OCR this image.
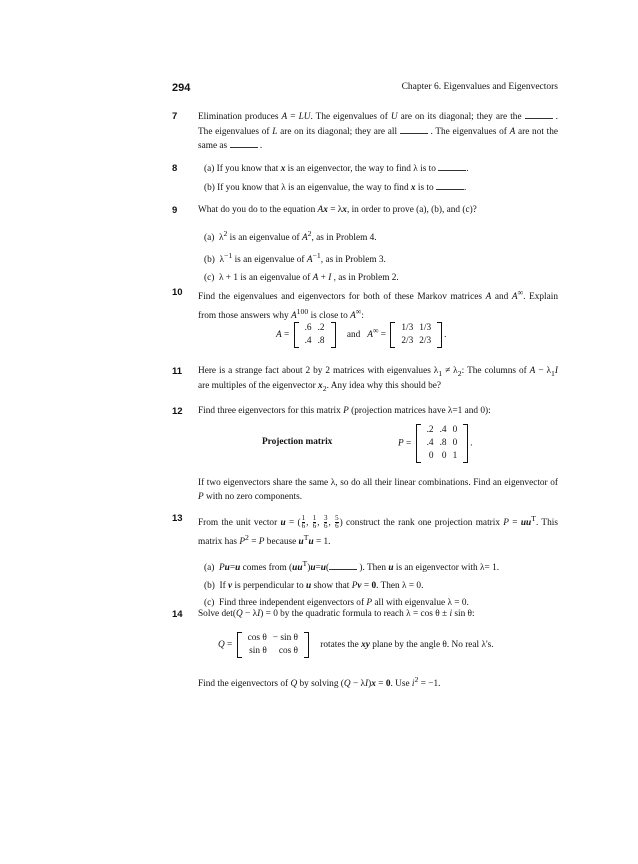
294	Chapter 6. Eigenvalues and Eigenvectors
7 Elimination produces A = LU. The eigenvalues of U are on its diagonal; they are the	. The eigenvalues of L are on its diagonal; they are all	. The eigenvalues of A are not the same as	.
8	(a) If you know that x is an eigenvector, the way to find λ is to	.
(b) If you know that λ is an eigenvalue, the way to find x is to	.
9 What do you do to the equation Ax = λx, in order to prove (a), (b), and (c)?
(a)  $\lambda^2$ is an eigenvalue of $A^2$, as in Problem 4.
(b)  $\lambda^{-1}$ is an eigenvalue of $A^{-1}$, as in Problem 3.
(c)  λ + 1 is an eigenvalue of A + I , as in Problem 2.
10 Find the eigenvalues and eigenvectors for both of these Markov matrices A and A∞. Explain from those answers why $A^{100}$ is close to A∞:
A =
.6 .2
.4 .8
and   A∞ =
1/3 1/3
2/3 2/3
.
11 Here is a strange fact about 2 by 2 matrices with eigenvalues $\lambda_1 \ne \lambda_2$: The columns of $A - \lambda_1I$ are multiples of the eigenvector $x_2$. Any idea why this should be?
12 Find three eigenvectors for this matrix P (projection matrices have λ=1 and 0):
Projection matrix	P =
.2 .4 0
.4 .8 0
0 0 1
.
If two eigenvectors share the same λ, so do all their linear combinations. Find an eigenvector of P with no zero components.
13 From the unit vector u = ( $\frac{1}{6}$ , $\frac{1}{6}$ , $\frac{3}{6}$ , $\frac{5}{6}$ ) construct the rank one projection matrix $P = uu^T$. This matrix has $P^2 = P$ because $u^Tu = 1$.
(a)  Pu=u comes from $(uu^T)u=u$(	). Then u is an eigenvector with λ= 1.
(b)  If v is perpendicular to u show that Pv = 0. Then λ = 0.
(c)  Find three independent eigenvectors of P all with eigenvalue λ = 0.
14 Solve det(Q − λI) = 0 by the quadratic formula to reach λ = cos θ ± i sin θ:
Q =
cos θ − sin θ
sin θ	cos θ
rotates the xy plane by the angle θ. No real λ's.
Find the eigenvectors of Q by solving (Q − λI)x = 0. Use $i^2 = -1$.
